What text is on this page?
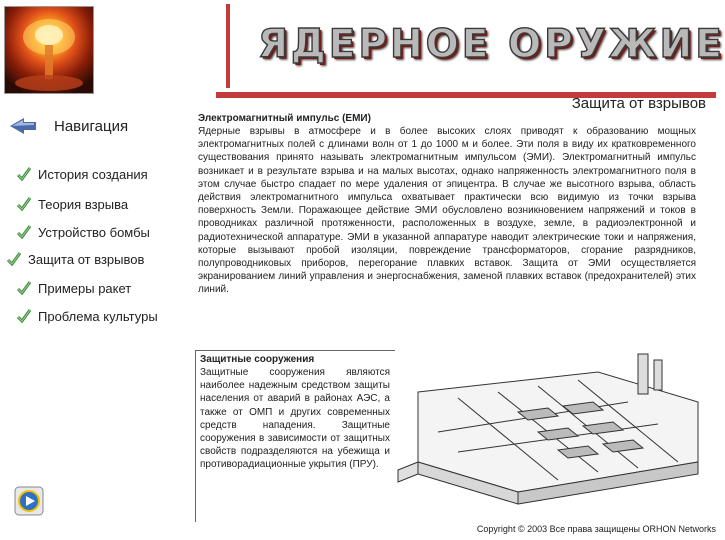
ЯДЕРНОЕ ОРУЖИЕ
Защита от взрывов
Навигация
История создания
Теория взрыва
Устройство бомбы
Защита от взрывов
Примеры ракет
Проблема культуры
Электромагнитный импульс (ЕМИ)

Ядерные взрывы в атмосфере и в более высоких слоях приводят к образованию мощных электромагнитных полей с длинами волн от 1 до 1000 м и более. Эти поля в виду их кратковременного существования принято называть электромагнитным импульсом (ЭМИ). Электромагнитный импульс возникает и в результате взрыва и на малых высотах, однако напряженность электромагнитного поля в этом случае быстро спадает по мере удаления от эпицентра. В случае же высотного взрыва, область действия электромагнитного импульса охватывает практически всю видимую из точки взрыва поверхность Земли. Поражающее действие ЭМИ обусловлено возникновением напряжений и токов в проводниках различной протяженности, расположенных в воздухе, земле, в радиоэлектронной и радиотехнической аппаратуре. ЭМИ в указанной аппаратуре наводит электрические токи и напряжения, которые вызывают пробой изоляции, повреждение трансформаторов, сгорание разрядников, полупроводниковых приборов, перегорание плавких вставок. Защита от ЭМИ осуществляется экранированием линий управления и энергоснабжения, заменой плавких вставок (предохранителей) этих линий.

Защитные сооружения

Защитные сооружения являются наиболее надежным средством защиты населения от аварий в районах АЭС, а также от ОМП и других современных средств нападения. Защитные сооружения в зависимости от защитных свойств подразделяются на убежища и противорадиационные укрытия (ПРУ).

Copyright © 2003 Все права защищены ORHON Networks
